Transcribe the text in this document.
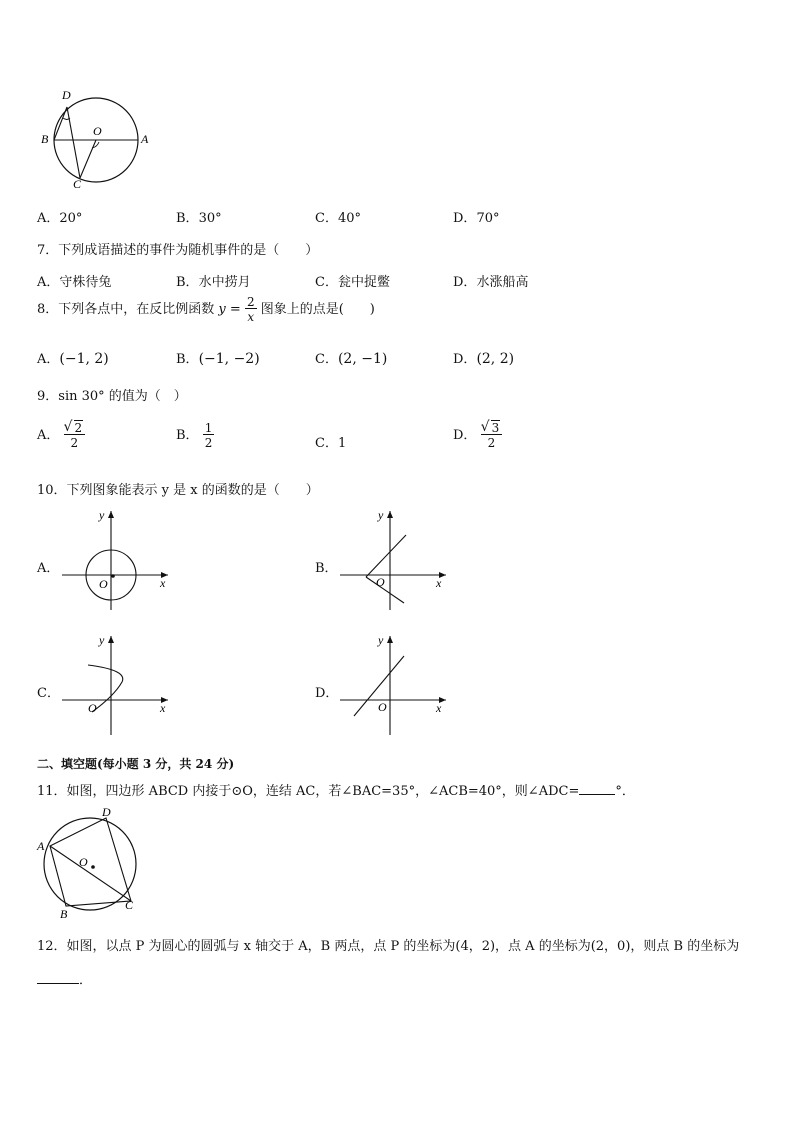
D
B
O
A
C
A．20°	B．30°	C．40°	D．70°
7．下列成语描述的事件为随机事件的是（　　）
A．守株待兔	B．水中捞月	C．瓮中捉鳖	D．水涨船高
8．下列各点中，在反比例函数 $y = \frac{2}{x}$ 图象上的点是(　　)
A．(−1, 2)	B．(−1, −2)	C．(2, −1)	D．(2, 2)
9．sin 30° 的值为（　）
A． √ $\frac{2}{2}$	B． $\frac{1}{2}$	C．1
D． √ $\frac{3}{2}$
10．下列图象能表示 y 是 x 的函数的是（　　）
A．
y
x
O
B．
y
x
O
C．
y
x
O
D．
y
x
O
二、填空题(每小题 3 分，共 24 分)
11．如图，四边形 ABCD 内接于⊙O，连结 AC，若∠BAC=35°，∠ACB=40°，则∠ADC=	°．
A
D
O
B
C
12．如图，以点 P 为圆心的圆弧与 x 轴交于 A，B 两点，点 P 的坐标为(4，2)，点 A 的坐标为(2，0)，则点 B 的坐标为
．
